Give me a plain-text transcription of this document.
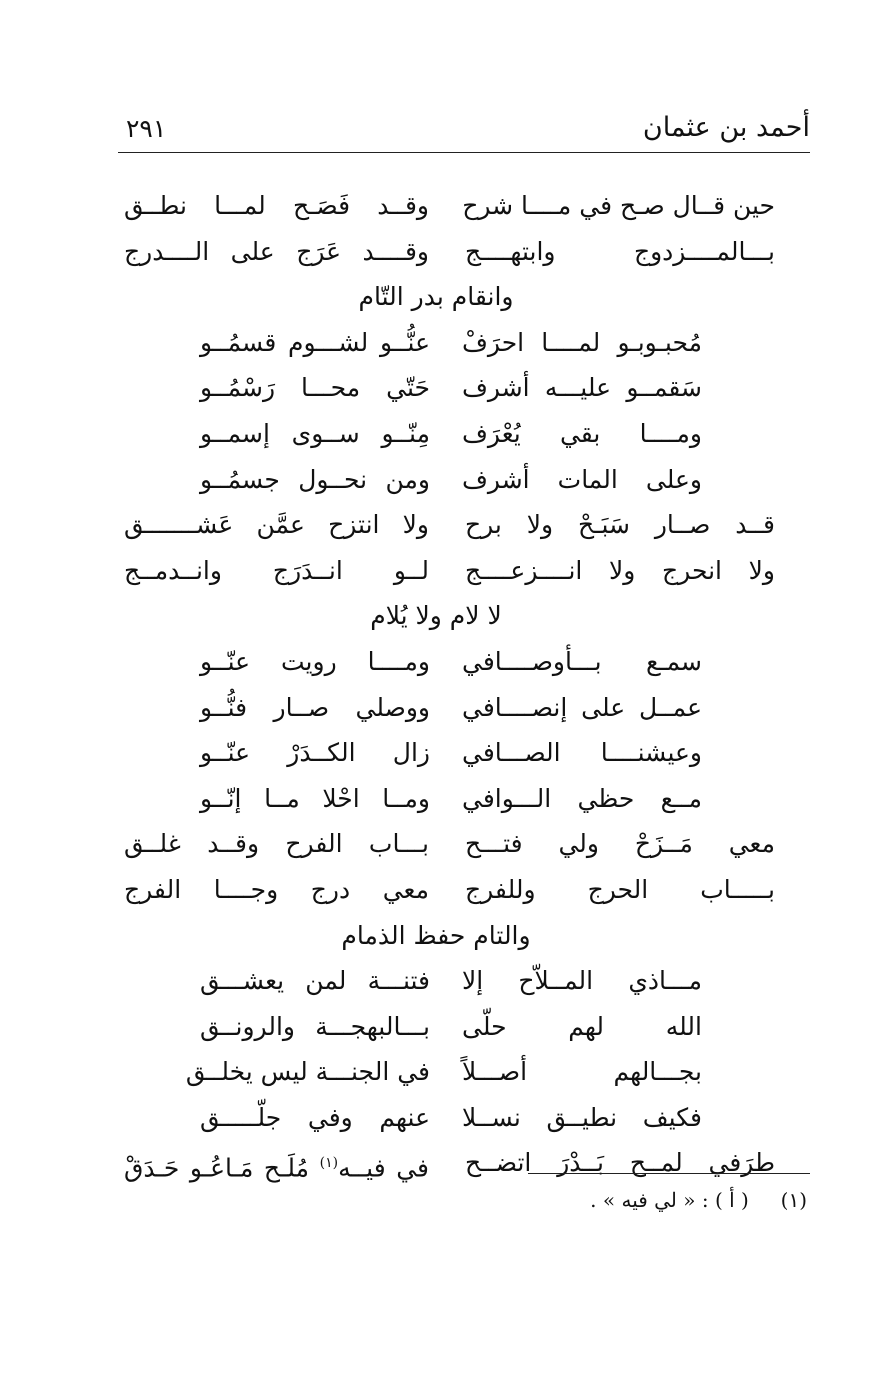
أحمد بن عثمان
٢٩١
حين قــال صـح في مــــا شرح
وقــد فَصَـح لمـــا نطــق
بـــالمــــزدوج وابتهــــج
وقــــد عَرَج على الــــدرج
وانقام بدر التّام
مُحبـوبـو لمــــا احرَفْ
عنُّــو لشـــوم قسمُــو
سَقمــو عليـــه أشرف
حَتّي محـــا رَسْمُــو
ومــــا بقي يُعْرَف
مِنّــو ســوى إسمــو
وعلى المات أشرف
ومن نحــول جسمُــو
قــد صــار سَبَـحْ ولا برح
ولا انتزح عمَّن عَشـــــــق
ولا انحرج ولا انــــزعــــج
لــو انــدَرَج وانــدمــج
لا لام ولا يُلام
سمـع بـــأوصــــافي
ومــــا رويت عنّــو
عمــل على إنصــــافي
ووصلي صــار فنُّــو
وعيشنــــا الصـــافي
زال الكــدَرْ عنّــو
مــع حظي الـــوافي
ومــا احْلا مــا إنّــو
معي مَــزَحْ ولي فتـــح
بـــاب الفرح وقــد غلــق
بـــــاب الحرج وللفرج
معي درج وجــــا الفرج
والتام حفظ الذمام
مـــاذي المــلاّح إلا
فتنـــة لمن يعشـــق
الله لهم حلّى
بـــالبهجـــة والرونــق
بجـــالهم أصـــلاً
في الجنـــة ليس يخلــق
فكيف نطيــق نســلا
عنهم وفي جلّـــــق
طرَفي لمــح بَــدْرَ اتضــح
في فيــه$^{(١)}$ مُلَـح مَـاعُـو حَـدَقْ
(١)     ( أ ) : « لي فيه » .
